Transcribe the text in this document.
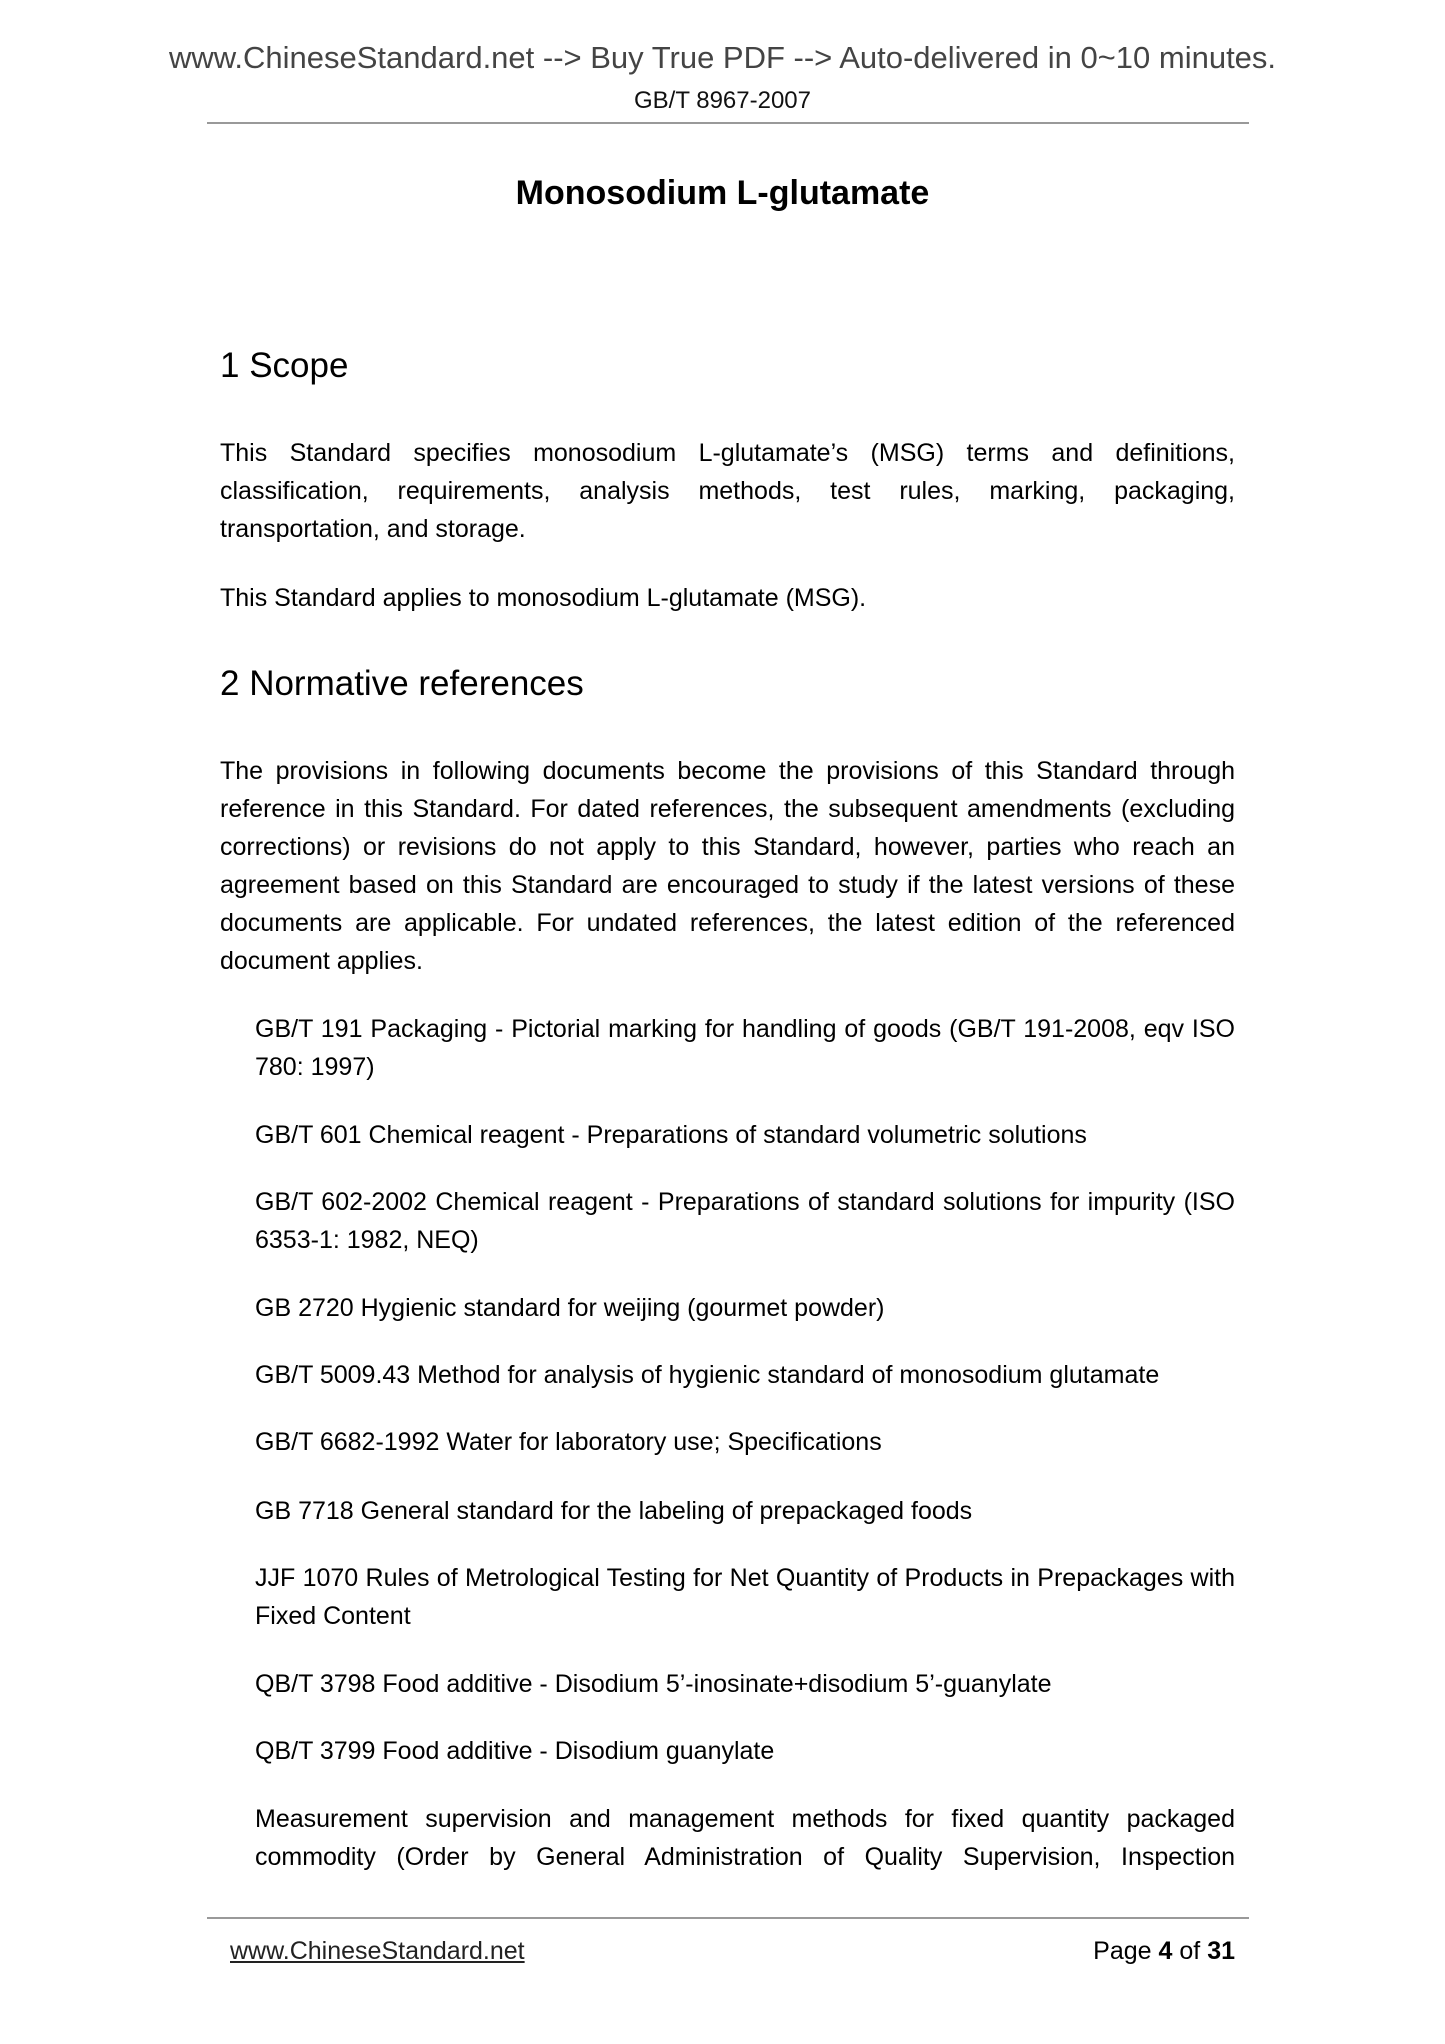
www.ChineseStandard.net --> Buy True PDF --> Auto-delivered in 0~10 minutes.
GB/T 8967-2007
Monosodium L-glutamate
1 Scope

This Standard specifies monosodium L-glutamate’s (MSG) terms and definitions, classification, requirements, analysis methods, test rules, marking, packaging, transportation, and storage.

This Standard applies to monosodium L-glutamate (MSG).

2 Normative references

The provisions in following documents become the provisions of this Standard through reference in this Standard. For dated references, the subsequent amendments (excluding corrections) or revisions do not apply to this Standard, however, parties who reach an agreement based on this Standard are encouraged to study if the latest versions of these documents are applicable. For undated references, the latest edition of the referenced document applies.

GB/T 191 Packaging - Pictorial marking for handling of goods (GB/T 191-2008, eqv ISO 780: 1997)

GB/T 601 Chemical reagent - Preparations of standard volumetric solutions

GB/T 602-2002 Chemical reagent - Preparations of standard solutions for impurity (ISO 6353-1: 1982, NEQ)

GB 2720 Hygienic standard for weijing (gourmet powder)

GB/T 5009.43 Method for analysis of hygienic standard of monosodium glutamate

GB/T 6682-1992 Water for laboratory use; Specifications

GB 7718 General standard for the labeling of prepackaged foods

JJF 1070 Rules of Metrological Testing for Net Quantity of Products in Prepackages with Fixed Content

QB/T 3798 Food additive - Disodium 5’-inosinate+disodium 5’-guanylate

QB/T 3799 Food additive - Disodium guanylate

Measurement supervision and management methods for fixed quantity packaged commodity (Order by General Administration of Quality Supervision, Inspection

www.ChineseStandard.net	Page 4 of 31
